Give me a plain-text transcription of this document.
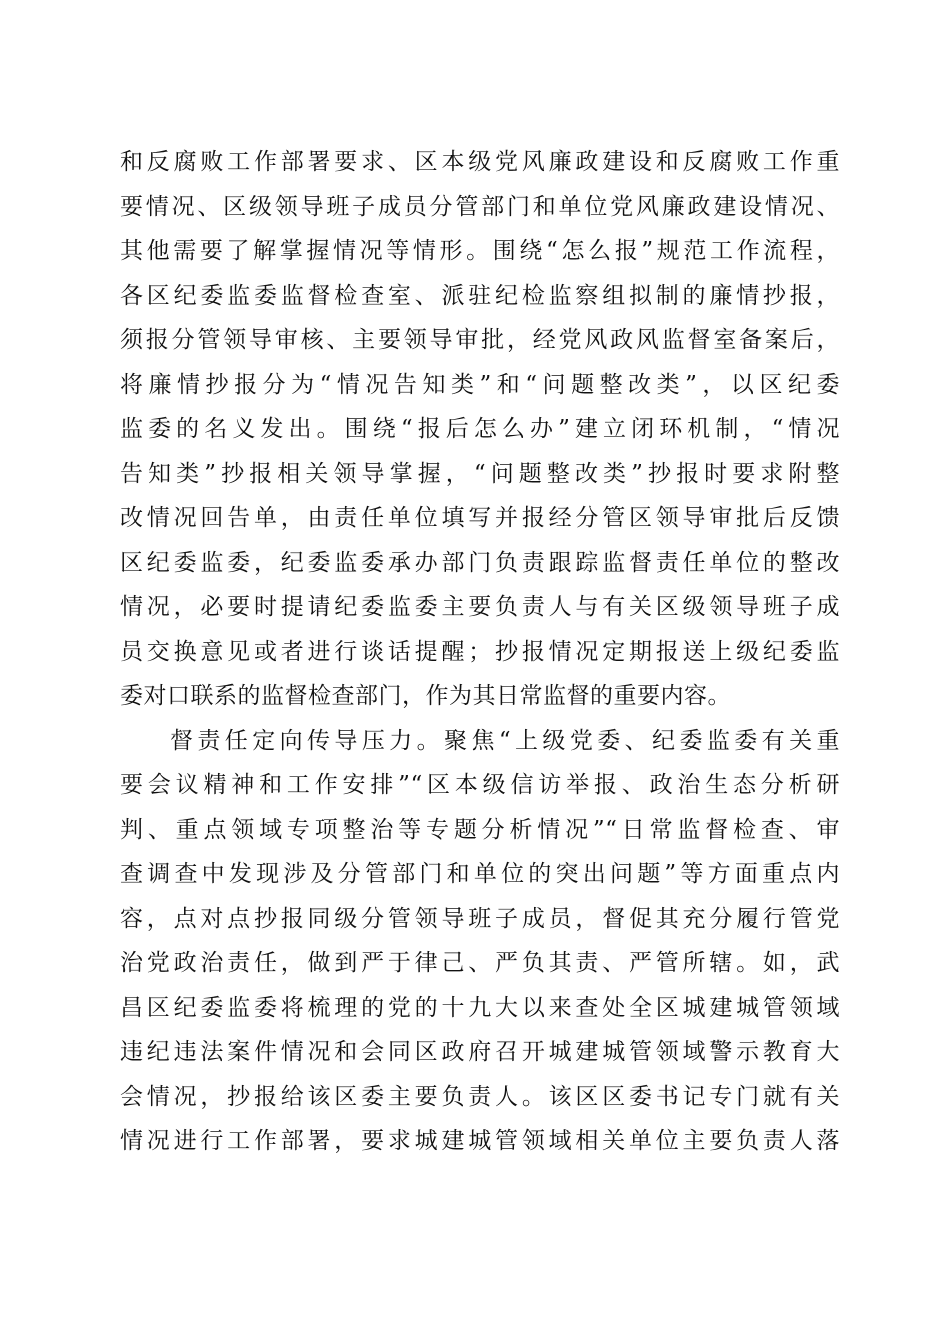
和反腐败工作部署要求、区本级党风廉政建设和反腐败工作重
要情况、区级领导班子成员分管部门和单位党风廉政建设情况、
其他需要了解掌握情况等情形。围绕“怎么报”规范工作流程，
各区纪委监委监督检查室、派驻纪检监察组拟制的廉情抄报，
须报分管领导审核、主要领导审批，经党风政风监督室备案后，
将廉情抄报分为“情况告知类”和“问题整改类”，以区纪委
监委的名义发出。围绕“报后怎么办”建立闭环机制，“情况
告知类”抄报相关领导掌握，“问题整改类”抄报时要求附整
改情况回告单，由责任单位填写并报经分管区领导审批后反馈
区纪委监委，纪委监委承办部门负责跟踪监督责任单位的整改
情况，必要时提请纪委监委主要负责人与有关区级领导班子成
员交换意见或者进行谈话提醒；抄报情况定期报送上级纪委监
委对口联系的监督检查部门，作为其日常监督的重要内容。
督责任定向传导压力。聚焦“上级党委、纪委监委有关重
要会议精神和工作安排”“区本级信访举报、政治生态分析研
判、重点领域专项整治等专题分析情况”“日常监督检查、审
查调查中发现涉及分管部门和单位的突出问题”等方面重点内
容，点对点抄报同级分管领导班子成员，督促其充分履行管党
治党政治责任，做到严于律己、严负其责、严管所辖。如，武
昌区纪委监委将梳理的党的十九大以来查处全区城建城管领域
违纪违法案件情况和会同区政府召开城建城管领域警示教育大
会情况，抄报给该区委主要负责人。该区区委书记专门就有关
情况进行工作部署，要求城建城管领域相关单位主要负责人落
